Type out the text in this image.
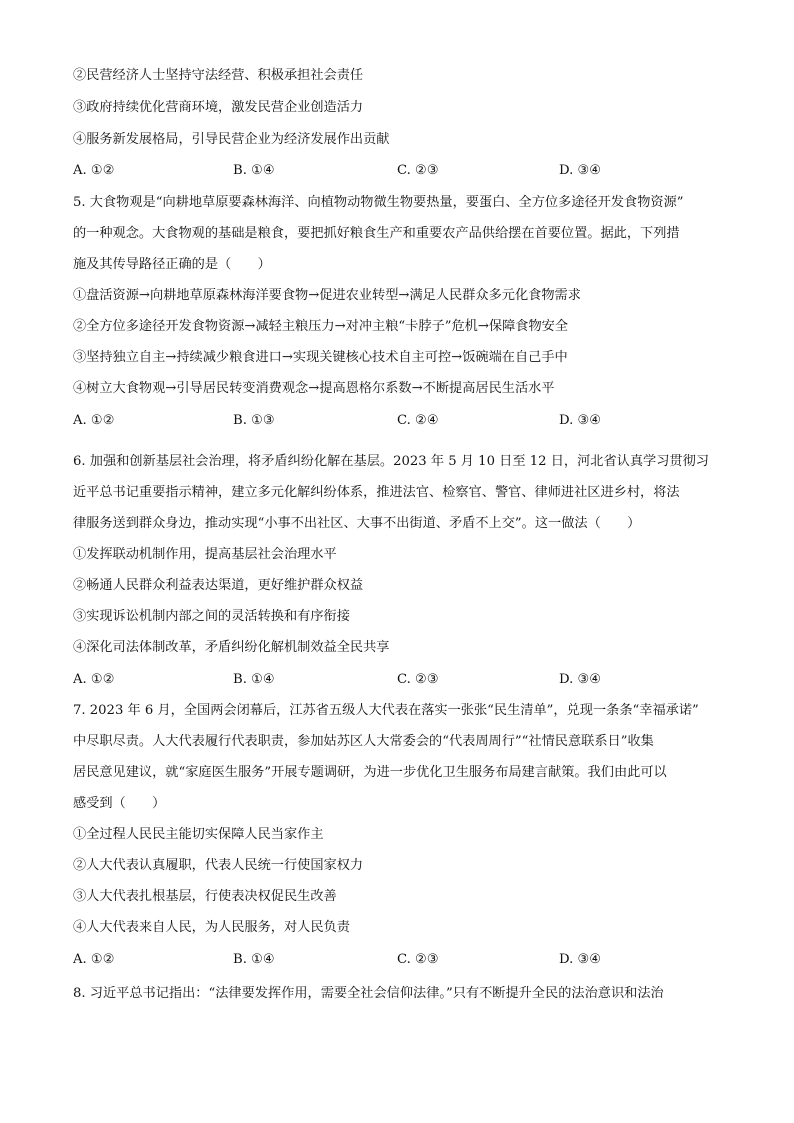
②民营经济人士坚持守法经营、积极承担社会责任
③政府持续优化营商环境，激发民营企业创造活力
④服务新发展格局，引导民营企业为经济发展作出贡献
A. ①②	B. ①④	C. ②③	D. ③④
5. 大食物观是“向耕地草原要森林海洋、向植物动物微生物要热量，要蛋白、全方位多途径开发食物资源”
的一种观念。大食物观的基础是粮食，要把抓好粮食生产和重要农产品供给摆在首要位置。据此，下列措
施及其传导路径正确的是（　　）
①盘活资源→向耕地草原森林海洋要食物→促进农业转型→满足人民群众多元化食物需求
②全方位多途径开发食物资源→减轻主粮压力→对冲主粮“卡脖子”危机→保障食物安全
③坚持独立自主→持续减少粮食进口→实现关键核心技术自主可控→饭碗端在自己手中
④树立大食物观→引导居民转变消费观念→提高恩格尔系数→不断提高居民生活水平
A. ①②	B. ①③	C. ②④	D. ③④
6. 加强和创新基层社会治理，将矛盾纠纷化解在基层。2023 年 5 月 10 日至 12 日，河北省认真学习贯彻习
近平总书记重要指示精神，建立多元化解纠纷体系，推进法官、检察官、警官、律师进社区进乡村，将法
律服务送到群众身边，推动实现“小事不出社区、大事不出街道、矛盾不上交”。这一做法（　　）
①发挥联动机制作用，提高基层社会治理水平
②畅通人民群众利益表达渠道，更好维护群众权益
③实现诉讼机制内部之间的灵活转换和有序衔接
④深化司法体制改革，矛盾纠纷化解机制效益全民共享
A. ①②	B. ①④	C. ②③	D. ③④
7. 2023 年 6 月，全国两会闭幕后，江苏省五级人大代表在落实一张张“民生清单”，兑现一条条“幸福承诺”
中尽职尽责。人大代表履行代表职责，参加姑苏区人大常委会的“代表周周行”“社情民意联系日”收集
居民意见建议，就“家庭医生服务”开展专题调研，为进一步优化卫生服务布局建言献策。我们由此可以
感受到（　　）
①全过程人民民主能切实保障人民当家作主
②人大代表认真履职，代表人民统一行使国家权力
③人大代表扎根基层，行使表决权促民生改善
④人大代表来自人民，为人民服务，对人民负责
A. ①②	B. ①④	C. ②③	D. ③④
8. 习近平总书记指出：“法律要发挥作用，需要全社会信仰法律。”只有不断提升全民的法治意识和法治
